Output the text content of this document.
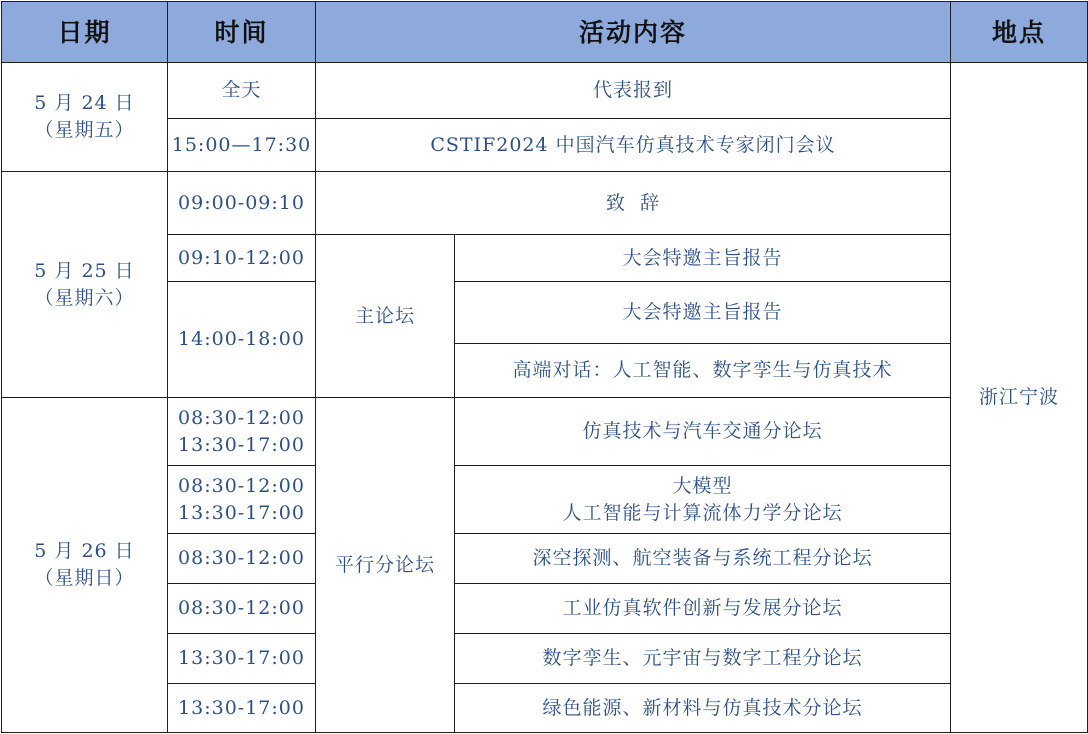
日期	时间	活动内容		地点

5 月 24 日
（星期五）	全天	代表报到		浙江宁波
	15:00—17:30	CSTIF2024 中国汽车仿真技术专家闭门会议		

5 月 25 日
（星期六）	09:00-09:10	致  辞		
	09:10-12:00	主论坛	大会特邀主旨报告	
	14:00-18:00		大会特邀主旨报告	
			高端对话：人工智能、数字孪生与仿真技术	

5 月 26 日
（星期日）	08:30-12:00
13:30-17:00	平行分论坛	仿真技术与汽车交通分论坛	

	08:30-12:00
13:30-17:00		大模型
人工智能与计算流体力学分论坛	

	08:30-12:00		深空探测、航空装备与系统工程分论坛	
	08:30-12:00		工业仿真软件创新与发展分论坛	
	13:30-17:00		数字孪生、元宇宙与数字工程分论坛	
	13:30-17:00		绿色能源、新材料与仿真技术分论坛	
